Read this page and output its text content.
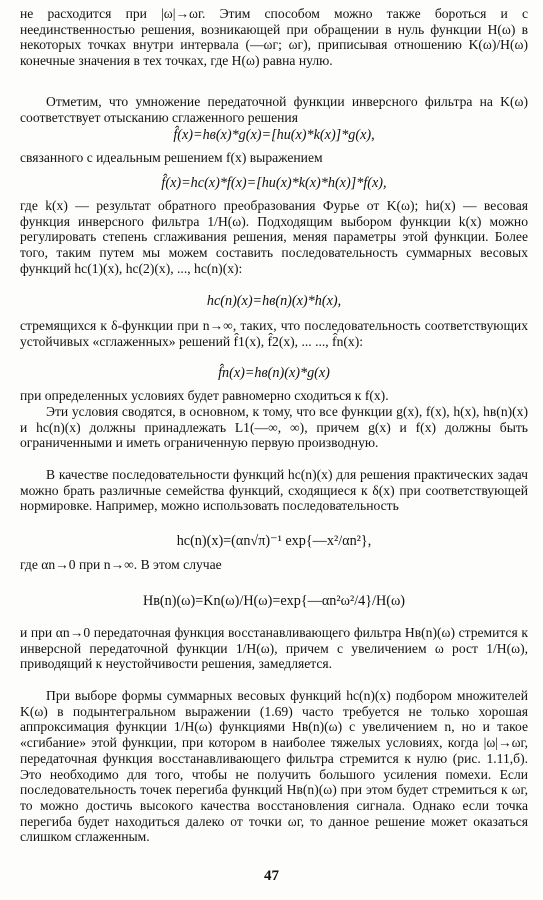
не расходится при |ω|→ωг. Этим способом можно также бороться и с неединственностью решения, возникающей при обращении в нуль функции H(ω) в некоторых точках внутри интервала (—ωг; ωг), приписывая отношению K(ω)/H(ω) конечные значения в тех точках, где H(ω) равна нулю.

Отметим, что умножение передаточной функции инверсного фильтра на K(ω) соответствует отысканию сглаженного решения

f̂(x)=hв(x)*g(x)=[hи(x)*k(x)]*g(x),

связанного с идеальным решением f(x) выражением

f̂(x)=hс(x)*f(x)=[hи(x)*k(x)*h(x)]*f(x),

где k(x) — результат обратного преобразования Фурье от K(ω); hи(x) — весовая функция инверсного фильтра 1/H(ω). Подходящим выбором функции k(x) можно регулировать степень сглаживания решения, меняя параметры этой функции. Более того, таким путем мы можем составить последовательность суммарных весовых функций hс(1)(x), hс(2)(x), ..., hс(n)(x):

hс(n)(x)=hв(n)(x)*h(x),

стремящихся к δ-функции при n→∞, таких, что последовательность соответствующих устойчивых «сглаженных» решений f̂1(x), f̂2(x), ... ..., f̂n(x):

f̂n(x)=hв(n)(x)*g(x)

при определенных условиях будет равномерно сходиться к f(x).

Эти условия сводятся, в основном, к тому, что все функции g(x), f(x), h(x), hв(n)(x) и hс(n)(x) должны принадлежать L1(—∞, ∞), причем g(x) и f(x) должны быть ограниченными и иметь ограниченную первую производную.

В качестве последовательности функций hс(n)(x) для решения практических задач можно брать различные семейства функций, сходящиеся к δ(x) при соответствующей нормировке. Например, можно использовать последовательность

hс(n)(x)=(αn√π)⁻¹ exp{—x²/αn²},

где αn→0 при n→∞. В этом случае

Hв(n)(ω)=Kn(ω)/H(ω)=exp{—αn²ω²/4}/H(ω)

и при αn→0 передаточная функция восстанавливающего фильтра Hв(n)(ω) стремится к инверсной передаточной функции 1/H(ω), причем с увеличением ω рост 1/H(ω), приводящий к неустойчивости решения, замедляется.

При выборе формы суммарных весовых функций hс(n)(x) подбором множителей K(ω) в подынтегральном выражении (1.69) часто требуется не только хорошая аппроксимация функции 1/H(ω) функциями Hв(n)(ω) с увеличением n, но и такое «сгибание» этой функции, при котором в наиболее тяжелых условиях, когда |ω|→ωг, передаточная функция восстанавливающего фильтра стремится к нулю (рис. 1.11,б). Это необходимо для того, чтобы не получить большого усиления помехи. Если последовательность точек перегиба функций Hв(n)(ω) при этом будет стремиться к ωг, то можно достичь высокого качества восстановления сигнала. Однако если точка перегиба будет находиться далеко от точки ωг, то данное решение может оказаться слишком сглаженным.

47
